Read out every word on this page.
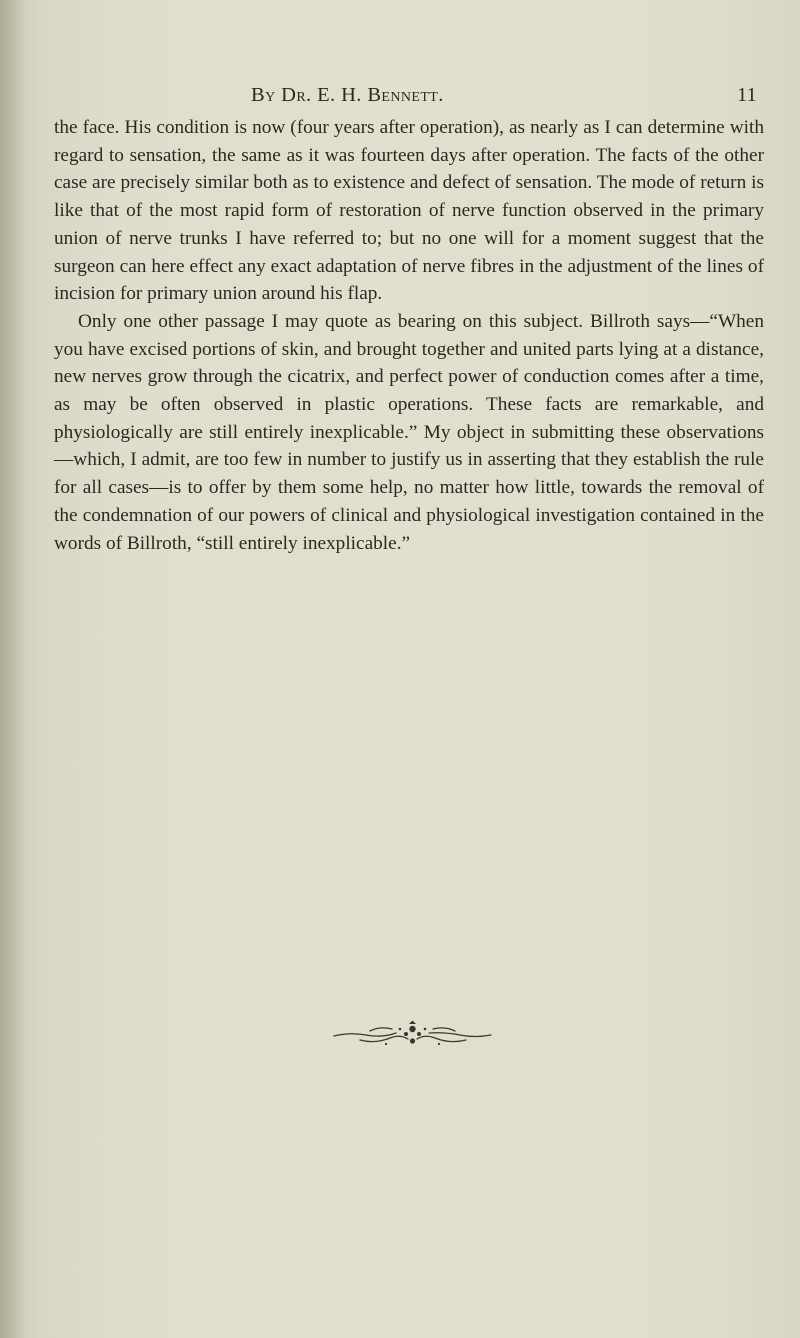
By Dr. E. H. Bennett.	11

the face. His condition is now (four years after operation), as nearly as I can determine with regard to sensation, the same as it was fourteen days after operation. The facts of the other case are precisely similar both as to existence and defect of sensation. The mode of return is like that of the most rapid form of restoration of nerve function observed in the primary union of nerve trunks I have referred to; but no one will for a moment suggest that the surgeon can here effect any exact adaptation of nerve fibres in the adjustment of the lines of incision for primary union around his flap.

Only one other passage I may quote as bearing on this subject. Billroth says—“When you have excised portions of skin, and brought together and united parts lying at a distance, new nerves grow through the cicatrix, and perfect power of conduction comes after a time, as may be often observed in plastic operations. These facts are remarkable, and physiologically are still entirely inexplicable.” My object in submitting these observations—which, I admit, are too few in number to justify us in asserting that they establish the rule for all cases—is to offer by them some help, no matter how little, towards the removal of the condemnation of our powers of clinical and physiological investigation contained in the words of Billroth, “still entirely inexplicable.”
